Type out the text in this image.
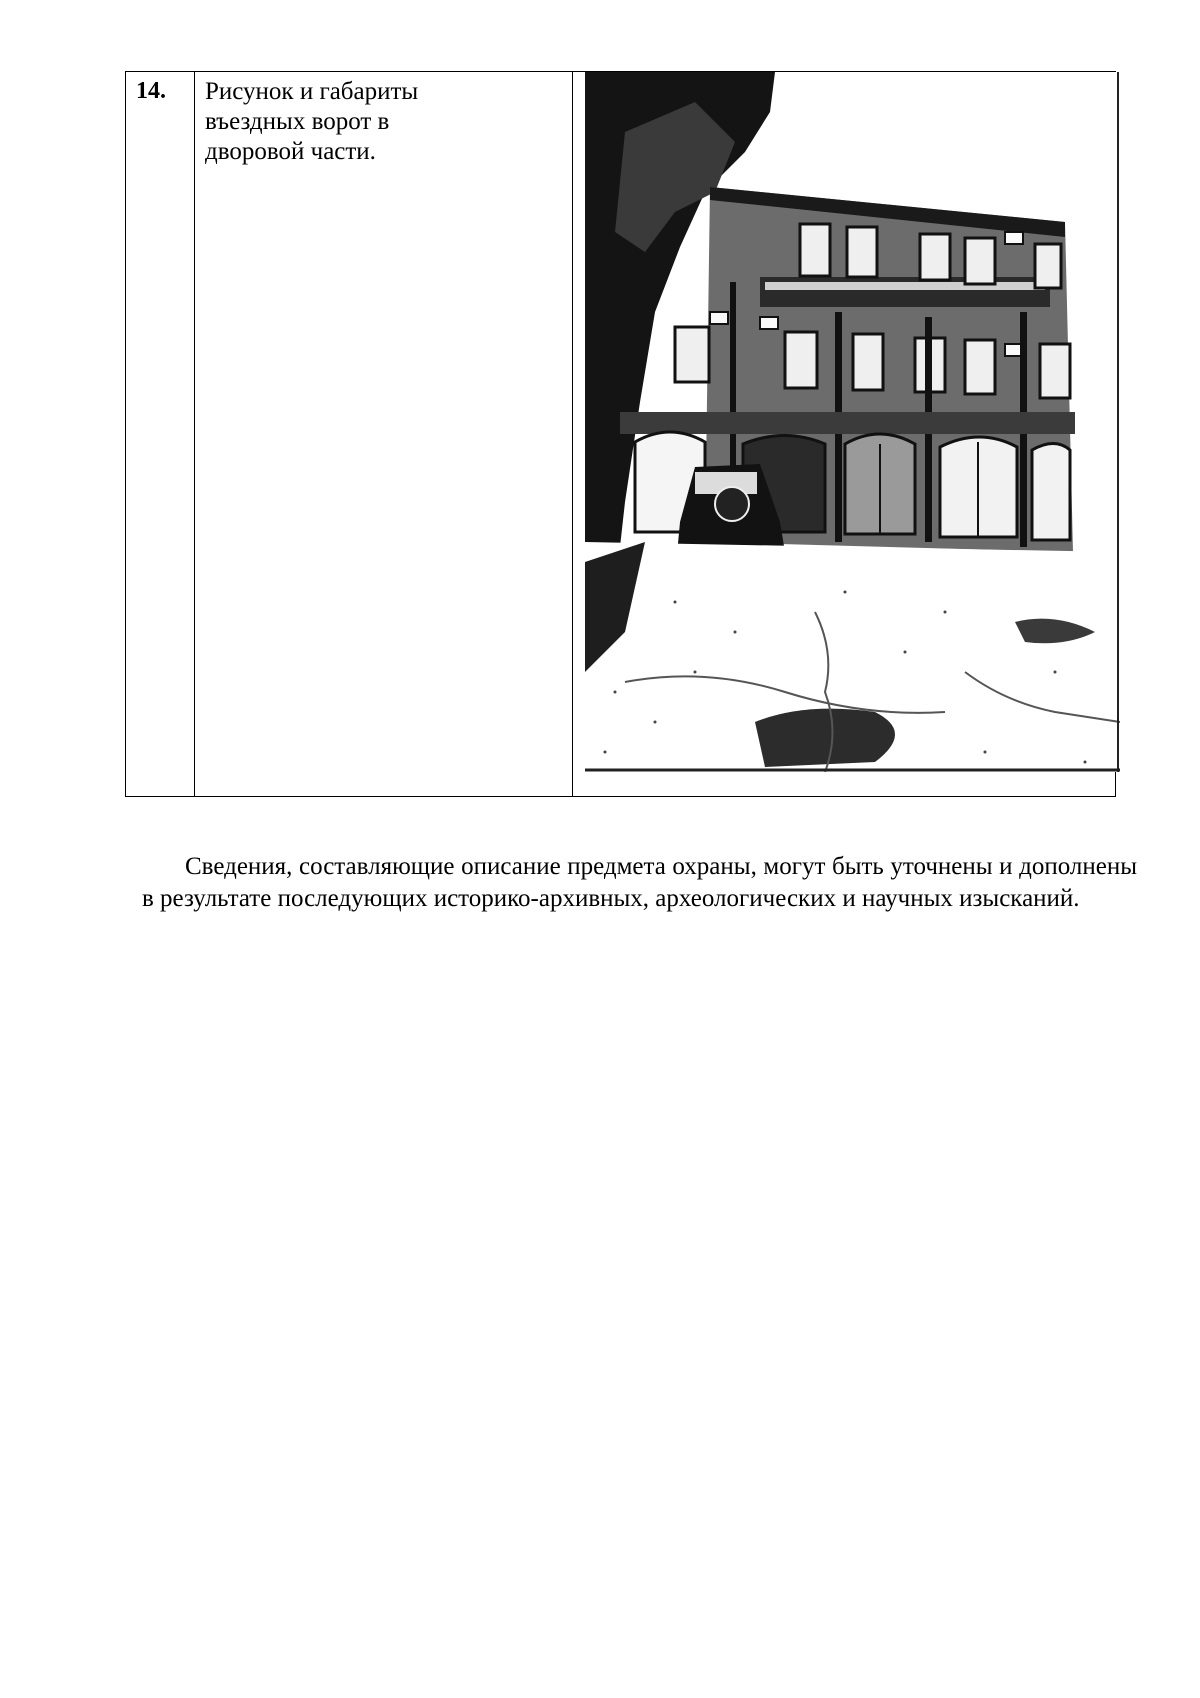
14.	Рисунок и габариты
въездных ворот в
дворовой части.

Сведения, составляющие описание предмета охраны, могут быть уточнены и дополнены в результате последующих историко-архивных, археологических и научных изысканий.
